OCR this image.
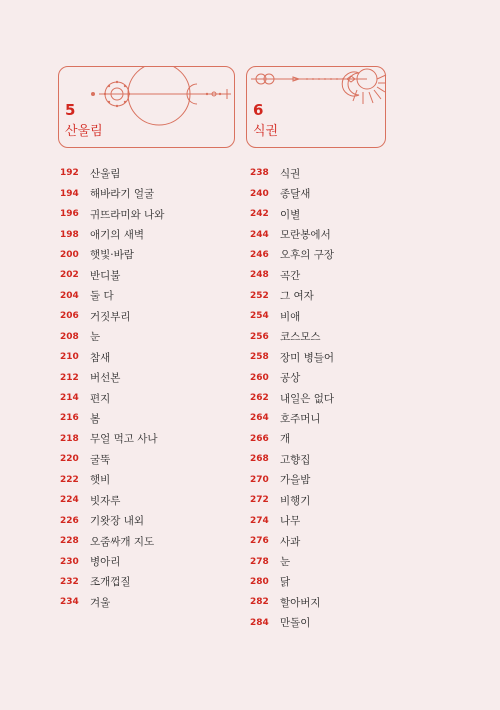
5
산울림
6
식권
192	산울림
194	해바라기 얼굴
196	귀뜨라미와 나와
198	애기의 새벽
200	햇빛·바람
202	반디불
204	둘 다
206	거짓부리
208	눈
210	참새
212	버선본
214	편지
216	봄
218	무얼 먹고 사나
220	굴뚝
222	햇비
224	빗자루
226	기왓장 내외
228	오줌싸개 지도
230	병아리
232	조개껍질
234	겨울
238	식권
240	종달새
242	이별
244	모란봉에서
246	오후의 구장
248	곡간
252	그 여자
254	비애
256	코스모스
258	장미 병들어
260	공상
262	내일은 없다
264	호주머니
266	개
268	고향집
270	가을밤
272	비행기
274	나무
276	사과
278	눈
280	닭
282	할아버지
284	만돌이
